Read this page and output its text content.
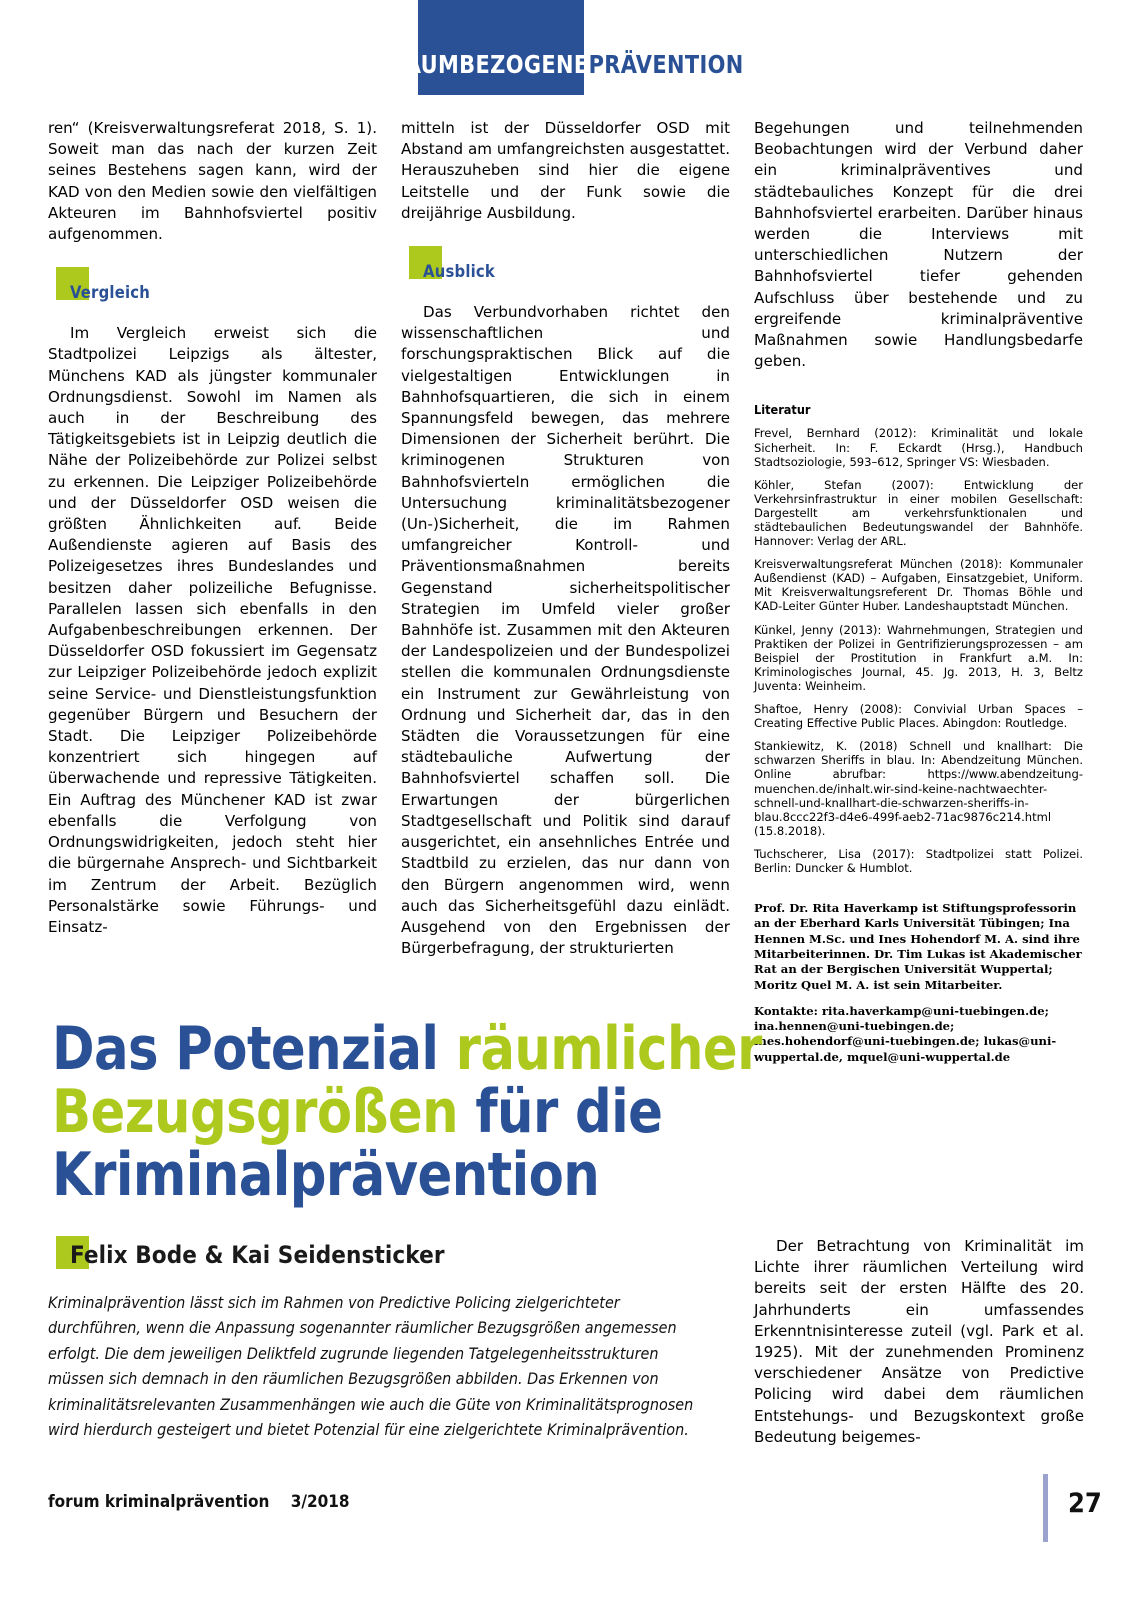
RAUMBEZOGENEPRÄVENTION

ren“ (Kreisverwaltungsreferat 2018, S. 1). Soweit man das nach der kurzen Zeit seines Bestehens sagen kann, wird der KAD von den Medien sowie den vielfältigen Akteuren im Bahnhofsviertel positiv aufgenommen.

Vergleich

Im Vergleich erweist sich die Stadtpolizei Leipzigs als ältester, Münchens KAD als jüngster kommunaler Ordnungsdienst. Sowohl im Namen als auch in der Beschreibung des Tätigkeitsgebiets ist in Leipzig deutlich die Nähe der Polizeibehörde zur Polizei selbst zu erkennen. Die Leipziger Polizeibehörde und der Düsseldorfer OSD weisen die größten Ähnlichkeiten auf. Beide Außendienste agieren auf Basis des Polizeigesetzes ihres Bundeslandes und besitzen daher polizeiliche Befugnisse. Parallelen lassen sich ebenfalls in den Aufgabenbeschreibungen erkennen. Der Düsseldorfer OSD fokussiert im Gegensatz zur Leipziger Polizeibehörde jedoch explizit seine Service- und Dienstleistungsfunktion gegenüber Bürgern und Besuchern der Stadt. Die Leipziger Polizeibehörde konzentriert sich hingegen auf überwachende und repressive Tätigkeiten. Ein Auftrag des Münchener KAD ist zwar ebenfalls die Verfolgung von Ordnungswidrigkeiten, jedoch steht hier die bürgernahe Ansprech- und Sichtbarkeit im Zentrum der Arbeit. Bezüglich Personalstärke sowie Führungs- und Einsatz-

mitteln ist der Düsseldorfer OSD mit Abstand am umfangreichsten ausgestattet. Herauszuheben sind hier die eigene Leitstelle und der Funk sowie die dreijährige Ausbildung.

Ausblick

Das Verbundvorhaben richtet den wissenschaftlichen und forschungspraktischen Blick auf die vielgestaltigen Entwicklungen in Bahnhofsquartieren, die sich in einem Spannungsfeld bewegen, das mehrere Dimensionen der Sicherheit berührt. Die kriminogenen Strukturen von Bahnhofsvierteln ermöglichen die Untersuchung kriminalitätsbezogener (Un-)Sicherheit, die im Rahmen umfangreicher Kontroll- und Präventionsmaßnahmen bereits Gegenstand sicherheitspolitischer Strategien im Umfeld vieler großer Bahnhöfe ist. Zusammen mit den Akteuren der Landespolizeien und der Bundespolizei stellen die kommunalen Ordnungsdienste ein Instrument zur Gewährleistung von Ordnung und Sicherheit dar, das in den Städten die Voraussetzungen für eine städtebauliche Aufwertung der Bahnhofsviertel schaffen soll. Die Erwartungen der bürgerlichen Stadtgesellschaft und Politik sind darauf ausgerichtet, ein ansehnliches Entrée und Stadtbild zu erzielen, das nur dann von den Bürgern angenommen wird, wenn auch das Sicherheitsgefühl dazu einlädt. Ausgehend von den Ergebnissen der Bürgerbefragung, der strukturierten

Begehungen und teilnehmenden Beobachtungen wird der Verbund daher ein kriminalpräventives und städtebauliches Konzept für die drei Bahnhofsviertel erarbeiten. Darüber hinaus werden die Interviews mit unterschiedlichen Nutzern der Bahnhofsviertel tiefer gehenden Aufschluss über bestehende und zu ergreifende kriminalpräventive Maßnahmen sowie Handlungsbedarfe geben.

Literatur

Frevel, Bernhard (2012): Kriminalität und lokale Sicherheit. In: F. Eckardt (Hrsg.), Handbuch Stadtsoziologie, 593–612, Springer VS: Wiesbaden.

Köhler, Stefan (2007): Entwicklung der Verkehrsinfrastruktur in einer mobilen Gesellschaft: Dargestellt am verkehrsfunktionalen und städtebaulichen Bedeutungswandel der Bahnhöfe. Hannover: Verlag der ARL.

Kreisverwaltungsreferat München (2018): Kommunaler Außendienst (KAD) – Aufgaben, Einsatzgebiet, Uniform. Mit Kreisverwaltungsreferent Dr. Thomas Böhle und KAD-Leiter Günter Huber. Landeshauptstadt München.

Künkel, Jenny (2013): Wahrnehmungen, Strategien und Praktiken der Polizei in Gentrifizierungsprozessen – am Beispiel der Prostitution in Frankfurt a.M. In: Kriminologisches Journal, 45. Jg. 2013, H. 3, Beltz Juventa: Weinheim.

Shaftoe, Henry (2008): Convivial Urban Spaces – Creating Effective Public Places. Abingdon: Routledge.

Stankiewitz, K. (2018) Schnell und knallhart: Die schwarzen Sheriffs in blau. In: Abendzeitung München. Online abrufbar: https://www.abendzeitung-muenchen.de/inhalt.wir-sind-keine-nachtwaechter-schnell-und-knallhart-die-schwarzen-sheriffs-in-blau.8ccc22f3-d4e6-499f-aeb2-71ac9876c214.html (15.8.2018).

Tuchscherer, Lisa (2017): Stadtpolizei statt Polizei. Berlin: Duncker & Humblot.

Prof. Dr. Rita Haverkamp ist Stiftungsprofessorin an der Eberhard Karls Universität Tübingen; Ina Hennen M.Sc. und Ines Hohendorf M. A. sind ihre Mitarbeiterinnen. Dr. Tim Lukas ist Akademischer Rat an der Bergischen Universität Wuppertal; Moritz Quel M. A. ist sein Mitarbeiter.

Kontakte: rita.haverkamp@uni-tuebingen.de; ina.hennen@uni-tuebingen.de; ines.hohendorf@uni-tuebingen.de; lukas@uni-wuppertal.de, mquel@uni-wuppertal.de

Das Potenzial räumlicher
Bezugsgrößen für die
Kriminalprävention
Felix Bode & Kai Seidensticker

Kriminalprävention lässt sich im Rahmen von Predictive Policing zielgerichteter durchführen, wenn die Anpassung sogenannter räumlicher Bezugsgrößen angemessen erfolgt. Die dem jeweiligen Deliktfeld zugrunde liegenden Tatgelegenheitsstrukturen müssen sich demnach in den räumlichen Bezugsgrößen abbilden. Das Erkennen von kriminalitätsrelevanten Zusammenhängen wie auch die Güte von Kriminalitätsprognosen wird hierdurch gesteigert und bietet Potenzial für eine zielgerichtete Kriminalprävention.

Der Betrachtung von Kriminalität im Lichte ihrer räumlichen Verteilung wird bereits seit der ersten Hälfte des 20. Jahrhunderts ein umfassendes Erkenntnisinteresse zuteil (vgl. Park et al. 1925). Mit der zunehmenden Prominenz verschiedener Ansätze von Predictive Policing wird dabei dem räumlichen Entstehungs- und Bezugskontext große Bedeutung beigemes-

forum kriminalprävention 3/2018	27
